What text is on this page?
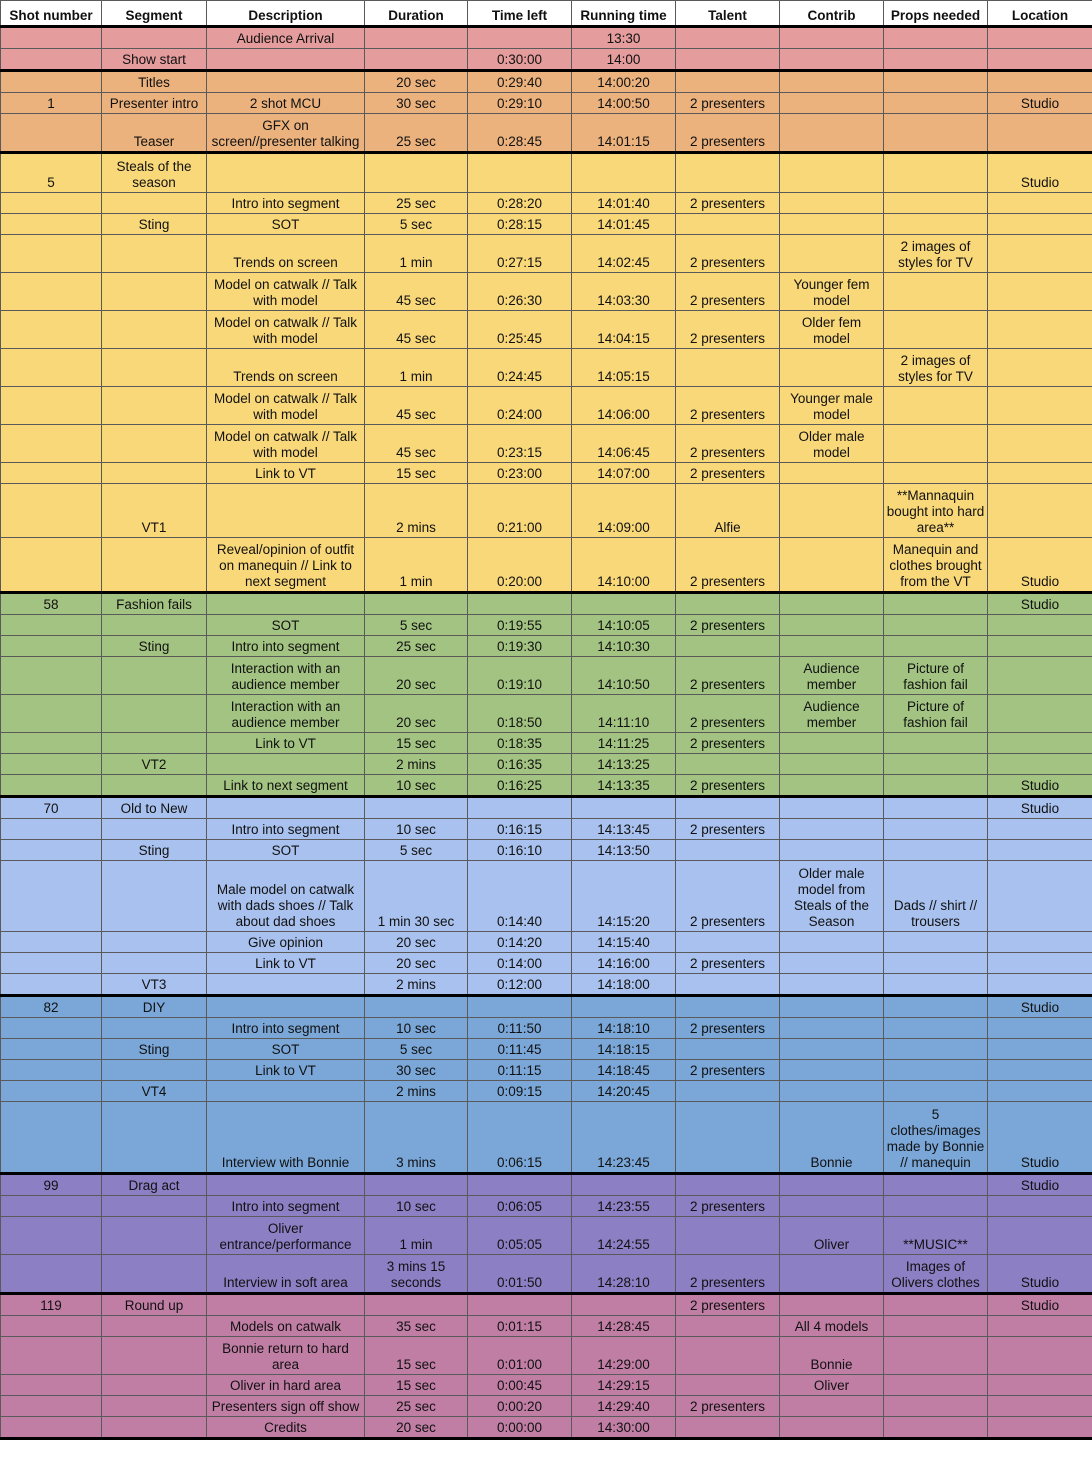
Shot number	Segment	Description	Duration	Time left	Running time	Talent	Contrib	Props needed	Location
		Audience Arrival			13:30				
	Show start			0:30:00	14:00				
	Titles		20 sec	0:29:40	14:00:20				
1	Presenter intro	2 shot MCU	30 sec	0:29:10	14:00:50	2 presenters			Studio
	Teaser	GFX on screen//presenter talking	25 sec	0:28:45	14:01:15	2 presenters			
5	Steals of the season								Studio
		Intro into segment	25 sec	0:28:20	14:01:40	2 presenters			
	Sting	SOT	5 sec	0:28:15	14:01:45				
		Trends on screen	1 min	0:27:15	14:02:45	2 presenters		2 images of styles for TV	
		Model on catwalk // Talk with model	45 sec	0:26:30	14:03:30	2 presenters	Younger fem model		
		Model on catwalk // Talk with model	45 sec	0:25:45	14:04:15	2 presenters	Older fem model		
		Trends on screen	1 min	0:24:45	14:05:15			2 images of styles for TV	
		Model on catwalk // Talk with model	45 sec	0:24:00	14:06:00	2 presenters	Younger male model		
		Model on catwalk // Talk with model	45 sec	0:23:15	14:06:45	2 presenters	Older male model		
		Link to VT	15 sec	0:23:00	14:07:00	2 presenters			
	VT1		2 mins	0:21:00	14:09:00	Alfie		**Mannaquin bought into hard area**	
		Reveal/opinion of outfit on manequin // Link to next segment	1 min	0:20:00	14:10:00	2 presenters		Manequin and clothes brought from the VT	Studio
58	Fashion fails								Studio
		SOT	5 sec	0:19:55	14:10:05	2 presenters			
	Sting	Intro into segment	25 sec	0:19:30	14:10:30				
		Interaction with an audience member	20 sec	0:19:10	14:10:50	2 presenters	Audience member	Picture of fashion fail	
		Interaction with an audience member	20 sec	0:18:50	14:11:10	2 presenters	Audience member	Picture of fashion fail	
		Link to VT	15 sec	0:18:35	14:11:25	2 presenters			
	VT2		2 mins	0:16:35	14:13:25				
		Link to next segment	10 sec	0:16:25	14:13:35	2 presenters			Studio
70	Old to New								Studio
		Intro into segment	10 sec	0:16:15	14:13:45	2 presenters			
	Sting	SOT	5 sec	0:16:10	14:13:50				
		Male model on catwalk with dads shoes // Talk about dad shoes	1 min 30 sec	0:14:40	14:15:20	2 presenters	Older male model from Steals of the Season	Dads // shirt // trousers	
		Give opinion	20 sec	0:14:20	14:15:40				
		Link to VT	20 sec	0:14:00	14:16:00	2 presenters			
	VT3		2 mins	0:12:00	14:18:00				
82	DIY								Studio
		Intro into segment	10 sec	0:11:50	14:18:10	2 presenters			
	Sting	SOT	5 sec	0:11:45	14:18:15				
		Link to VT	30 sec	0:11:15	14:18:45	2 presenters			
	VT4		2 mins	0:09:15	14:20:45				
		Interview with Bonnie	3 mins	0:06:15	14:23:45		Bonnie	5 clothes/images made by Bonnie // manequin	Studio
99	Drag act								Studio
		Intro into segment	10 sec	0:06:05	14:23:55	2 presenters			
		Oliver entrance/performance	1 min	0:05:05	14:24:55		Oliver	**MUSIC**	
		Interview in soft area	3 mins 15 seconds	0:01:50	14:28:10	2 presenters		Images of Olivers clothes	Studio
119	Round up					2 presenters			Studio
		Models on catwalk	35 sec	0:01:15	14:28:45		All 4 models		
		Bonnie return to hard area	15 sec	0:01:00	14:29:00		Bonnie		
		Oliver in hard area	15 sec	0:00:45	14:29:15		Oliver		
		Presenters sign off show	25 sec	0:00:20	14:29:40	2 presenters			
		Credits	20 sec	0:00:00	14:30:00				
